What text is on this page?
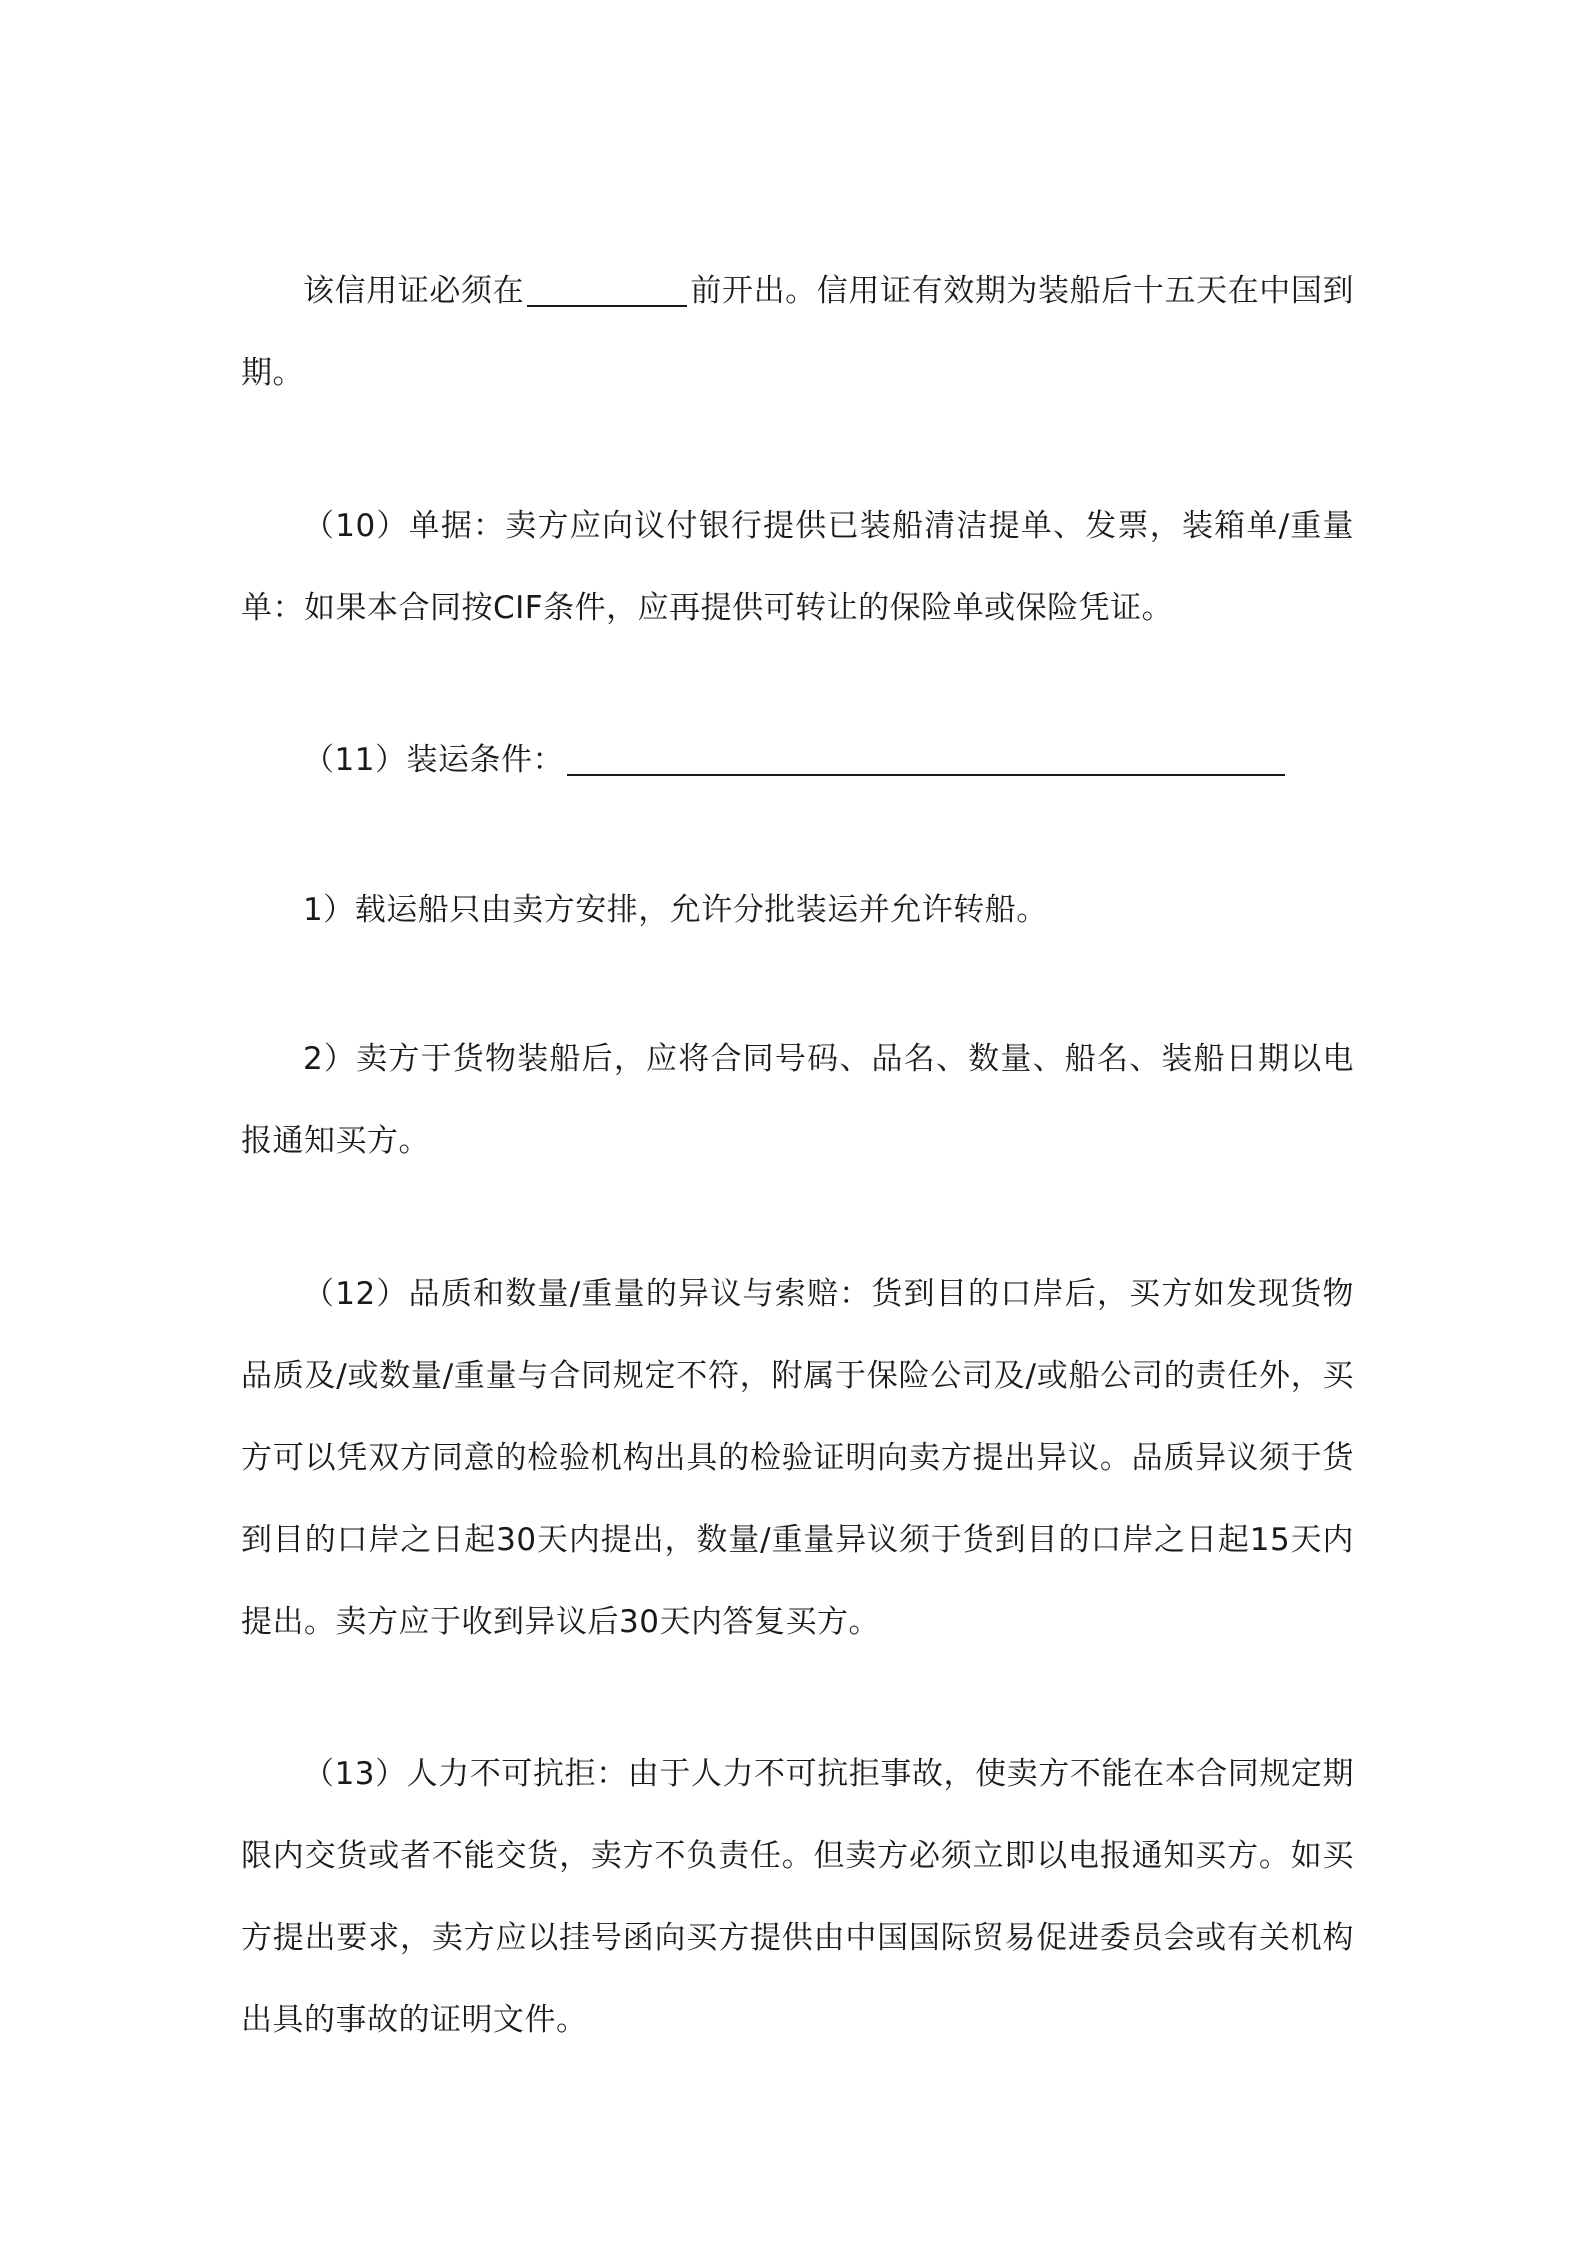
该信用证必须在	前开出。信用证有效期为装船后十五天在中国到期。

（10）单据：卖方应向议付银行提供已装船清洁提单、发票，装箱单/重量单：如果本合同按CIF条件，应再提供可转让的保险单或保险凭证。

（11）装运条件：

1）载运船只由卖方安排，允许分批装运并允许转船。

2）卖方于货物装船后，应将合同号码、品名、数量、船名、装船日期以电报通知买方。

（12）品质和数量/重量的异议与索赔：货到目的口岸后，买方如发现货物品质及/或数量/重量与合同规定不符，附属于保险公司及/或船公司的责任外，买方可以凭双方同意的检验机构出具的检验证明向卖方提出异议。品质异议须于货到目的口岸之日起30天内提出，数量/重量异议须于货到目的口岸之日起15天内提出。卖方应于收到异议后30天内答复买方。

（13）人力不可抗拒：由于人力不可抗拒事故，使卖方不能在本合同规定期限内交货或者不能交货，卖方不负责任。但卖方必须立即以电报通知买方。如买方提出要求，卖方应以挂号函向买方提供由中国国际贸易促进委员会或有关机构出具的事故的证明文件。
